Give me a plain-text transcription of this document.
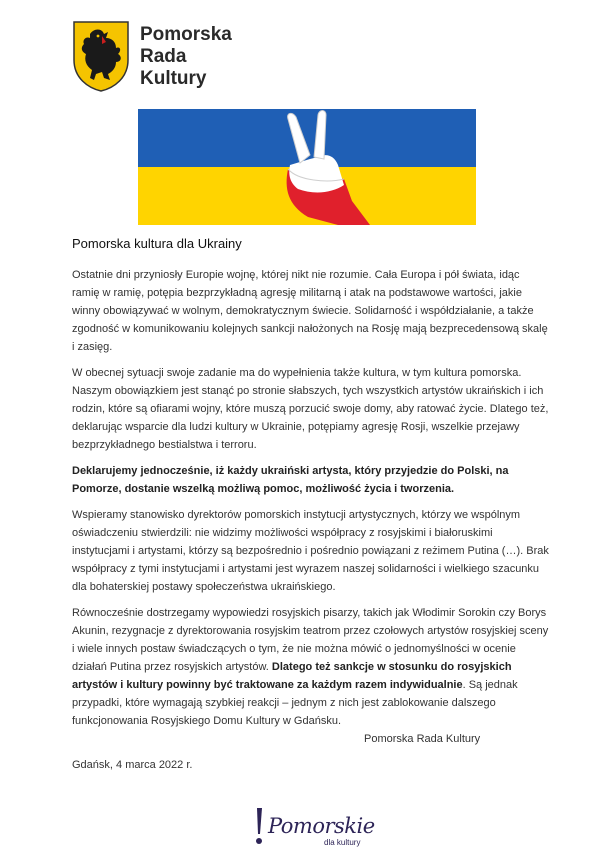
Pomorska
Rada
Kultury
Pomorska kultura dla Ukrainy

Ostatnie dni przyniosły Europie wojnę, której nikt nie rozumie. Cała Europa i pół świata, idąc ramię w ramię, potępia bezprzykładną agresję militarną i atak na podstawowe wartości, jakie winny obowiązywać w wolnym, demokratycznym świecie. Solidarność i współdziałanie, a także zgodność w komunikowaniu kolejnych sankcji nałożonych na Rosję mają bezprecedensową skalę i zasięg.

W obecnej sytuacji swoje zadanie ma do wypełnienia także kultura, w tym kultura pomorska. Naszym obowiązkiem jest stanąć po stronie słabszych, tych wszystkich artystów ukraińskich i ich rodzin, które są ofiarami wojny, które muszą porzucić swoje domy, aby ratować życie. Dlatego też, deklarując wsparcie dla ludzi kultury w Ukrainie, potępiamy agresję Rosji, wszelkie przejawy bezprzykładnego bestialstwa i terroru.

Deklarujemy jednocześnie, iż każdy ukraiński artysta, który przyjedzie do Polski, na Pomorze, dostanie wszelką możliwą pomoc, możliwość życia i tworzenia.

Wspieramy stanowisko dyrektorów pomorskich instytucji artystycznych, którzy we wspólnym oświadczeniu stwierdzili: nie widzimy możliwości współpracy z rosyjskimi i białoruskimi instytucjami i artystami, którzy są bezpośrednio i pośrednio powiązani z reżimem Putina (…). Brak współpracy z tymi instytucjami i artystami jest wyrazem naszej solidarności i wielkiego szacunku dla bohaterskiej postawy społeczeństwa ukraińskiego.

Równocześnie dostrzegamy wypowiedzi rosyjskich pisarzy, takich jak Włodimir Sorokin czy Borys Akunin, rezygnacje z dyrektorowania rosyjskim teatrom przez czołowych artystów rosyjskiej sceny i wiele innych postaw świadczących o tym, że nie można mówić o jednomyślności w ocenie działań Putina przez rosyjskich artystów. Dlatego też sankcje w stosunku do rosyjskich artystów i kultury powinny być traktowane za każdym razem indywidualnie. Są jednak przypadki, które wymagają szybkiej reakcji – jednym z nich jest zablokowanie dalszego funkcjonowania Rosyjskiego Domu Kultury w Gdańsku.

Pomorska Rada Kultury
Gdańsk, 4 marca 2022 r.
Pomorskie
dla kultury
